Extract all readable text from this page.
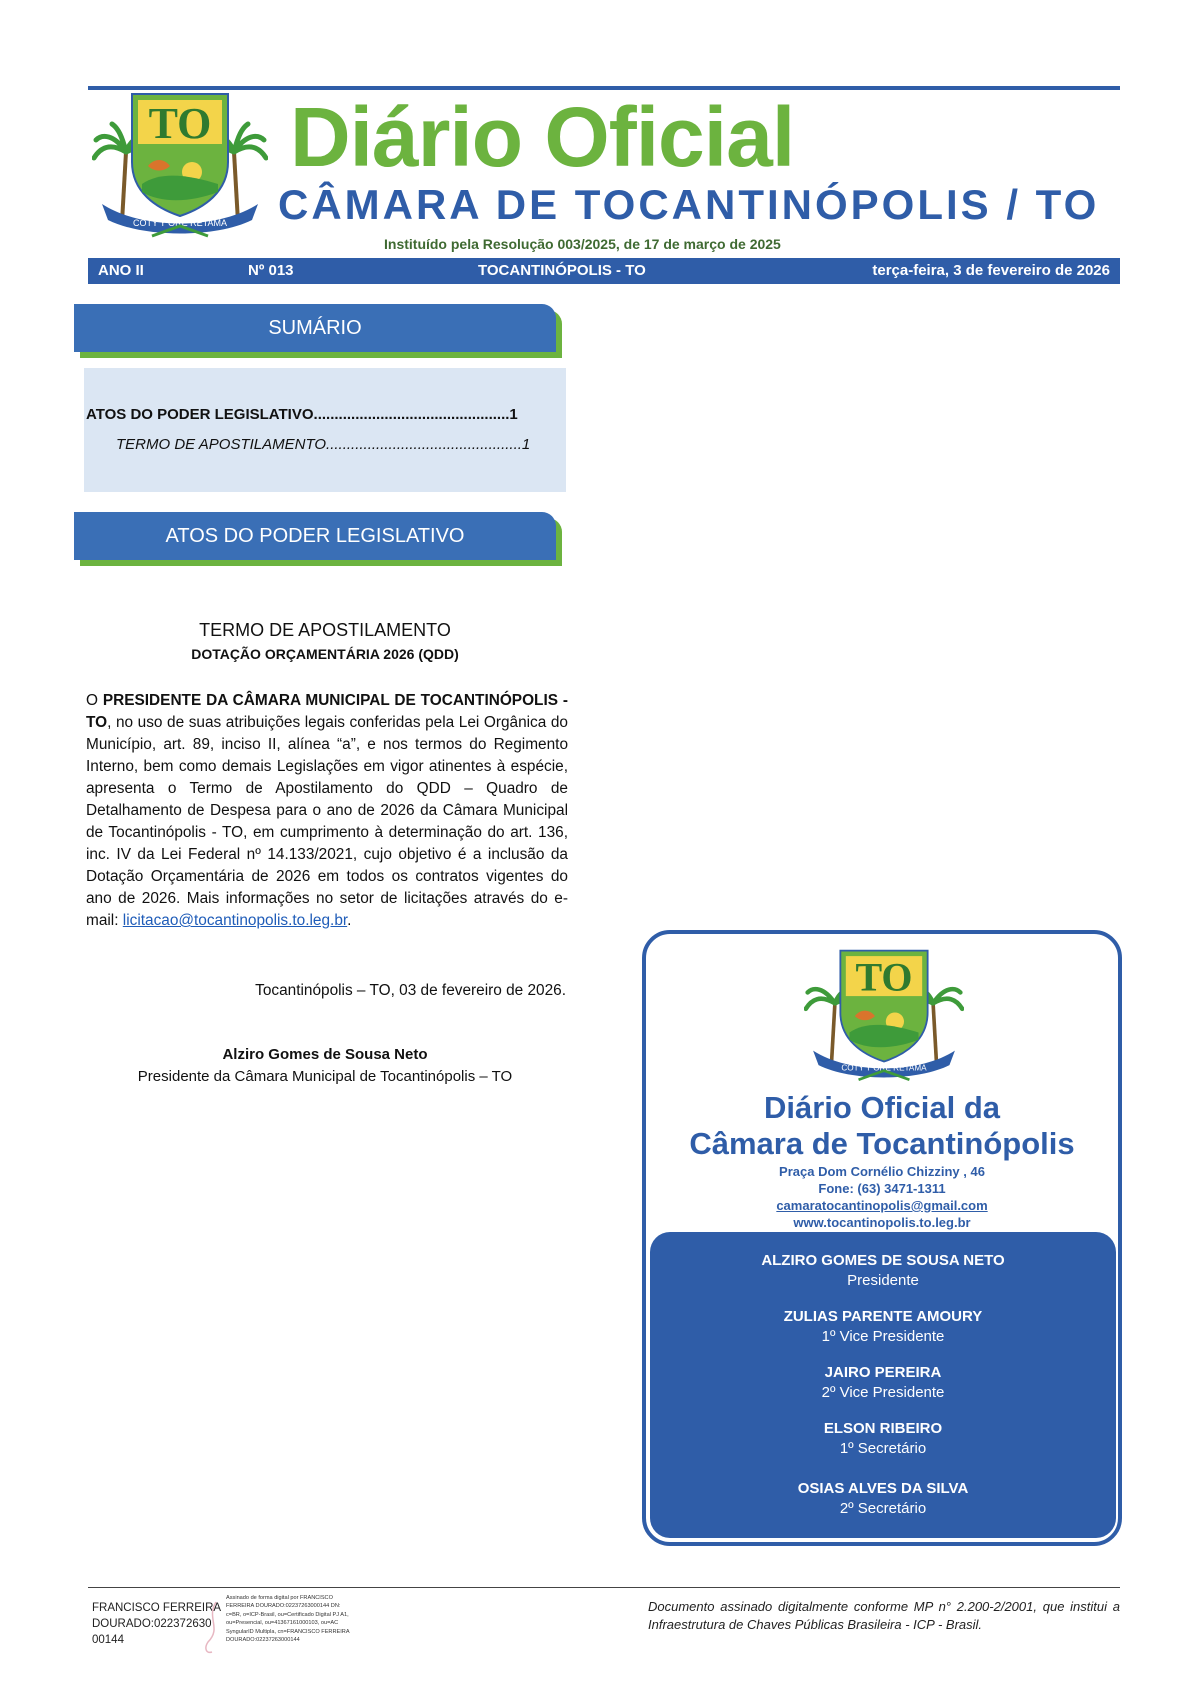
TO
COTY'Y ORE RETAMA
Diário Oficial
CÂMARA DE TOCANTINÓPOLIS / TO
Instituído pela Resolução 003/2025, de 17 de março de 2025
ANO II	Nº 013	TOCANTINÓPOLIS - TO	terça-feira, 3 de fevereiro de 2026
SUMÁRIO
ATOS DO PODER LEGISLATIVO...............................................1
TERMO DE APOSTILAMENTO...............................................1
ATOS DO PODER LEGISLATIVO
TERMO DE APOSTILAMENTO
DOTAÇÃO ORÇAMENTÁRIA 2026 (QDD)
O PRESIDENTE DA CÂMARA MUNICIPAL DE TOCANTINÓPOLIS - TO, no uso de suas atribuições legais conferidas pela Lei Orgânica do Município, art. 89, inciso II, alínea “a”, e nos termos do Regimento Interno, bem como demais Legislações em vigor atinentes à espécie, apresenta o Termo de Apostilamento do QDD – Quadro de Detalhamento de Despesa para o ano de 2026 da Câmara Municipal de Tocantinópolis - TO, em cumprimento à determinação do art. 136, inc. IV da Lei Federal nº 14.133/2021, cujo objetivo é a inclusão da Dotação Orçamentária de 2026 em todos os contratos vigentes do ano de 2026. Mais informações no setor de licitações através do e-mail: licitacao@tocantinopolis.to.leg.br.
Tocantinópolis – TO, 03 de fevereiro de 2026.
Alziro Gomes de Sousa Neto
Presidente da Câmara Municipal de Tocantinópolis – TO
TO
COTY'Y ORE RETAMA
Diário Oficial da
Câmara de Tocantinópolis
Praça Dom Cornélio Chizziny , 46
Fone: (63) 3471-1311
camaratocantinopolis@gmail.com
www.tocantinopolis.to.leg.br
ALZIRO GOMES DE SOUSA NETO
Presidente
ZULIAS PARENTE AMOURY
1º Vice Presidente
JAIRO PEREIRA
2º Vice Presidente
ELSON RIBEIRO
1º Secretário
OSIAS ALVES DA SILVA
2º Secretário
FRANCISCO FERREIRA
DOURADO:022372630
00144
Assinado de forma digital por FRANCISCO FERREIRA DOURADO:02237263000144 DN: c=BR, o=ICP-Brasil, ou=Certificado Digital PJ A1, ou=Presencial, ou=41367161000103, ou=AC SyngularID Multipla, cn=FRANCISCO FERREIRA DOURADO:02237263000144
Documento assinado digitalmente conforme MP n° 2.200-2/2001, que institui a Infraestrutura de Chaves Públicas Brasileira - ICP - Brasil.
